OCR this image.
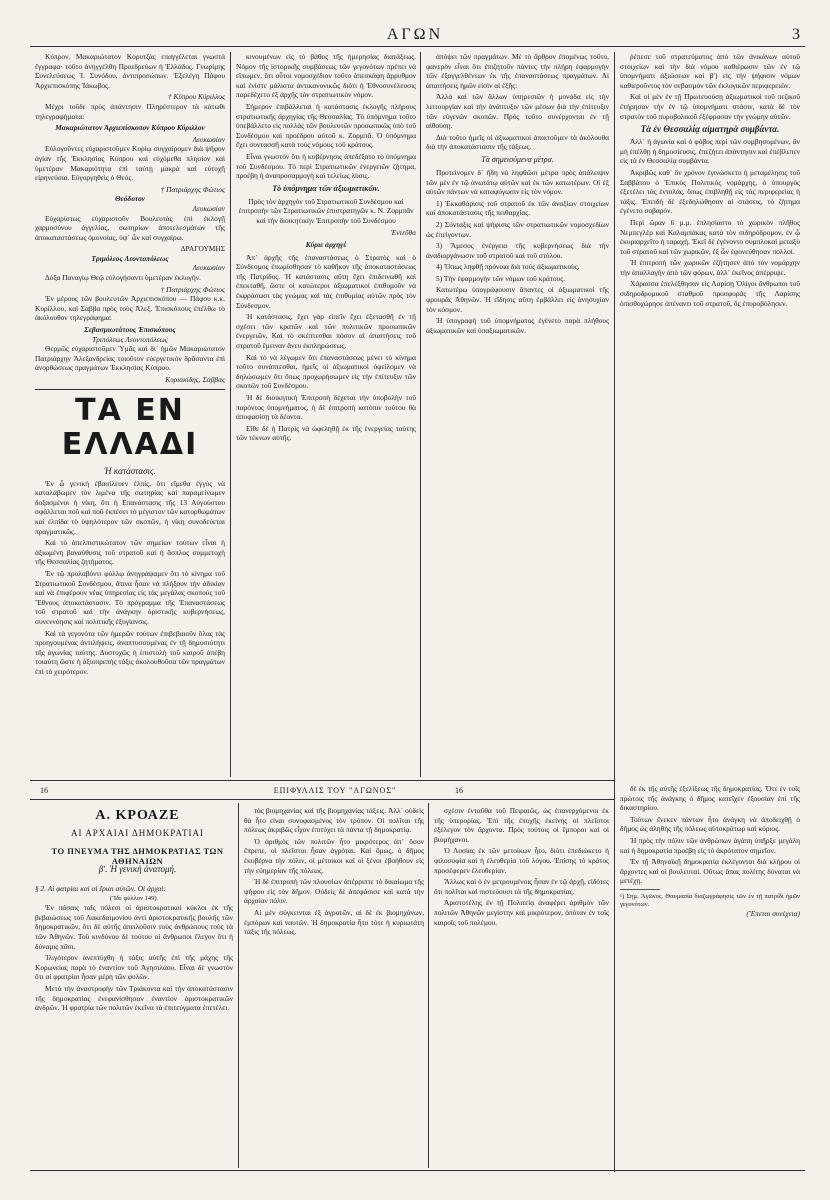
ΑΓΩΝ	3

Κύπρον. Μακαριώτατον Κορυτζάς επαγγέλεται γνωστά ἔγγραφα· τοῦτο ἀνηγγέλθη Προεδρεύων ἡ Ἑλλάδος. Γνωρίμης Συνελεύσεως Ἱ. Συνόδου, ἀντιπροσώπων. Ἐξελέγη Πάφου Ἀρχιεπισκόπης Ἰάκωβος.

† Κύπρου Κύριλλος

Μέχρι τοῦδε πρὸς ἀπάντησιν Πληρέστερον τὰ κάτωθι τηλεγραφήματα:

Μακαριώτατον Ἀρχιεπίσκοπον Κύπρου Κύριλλον
Λευκωσίαν

Εὐλογοῦντες εὐχαριστοῦμεν Κυρίῳ συγχαίρομεν διὰ ψῆφον ἀγίαν τῆς Ἐκκλησίας Κύπρου καὶ εὐχόμεθα πλησίον καὶ ὑμετέραν Μακαριότητα ἐπὶ ταύτῃ μακρὰ καὶ εὐτυχῆ εἰρηνεύσαι. Εὐγοργηθεὶς ὁ Θεός.

† Πατριάρχης Φώτιος
Θεόδοτον
Λευκωσίαν

Εὐχαρίστως εὐχαριστοῦν Βουλευτὰς ἐπὶ ἐκλογῇ χαρμοσύνου ἀγγελίας, σωτηρίων ἀποτελεσμάτων τῆς ἀποκαταστάσεως ὁμονοίας, ὑψ᾽ ὧν καὶ συγχαίρω.

ΔΡΑΓΟΥΜΗΣ
Τριμόλεος Λεοντοπόλεως
Λευκωσίαν

Δόξα Παναγίῳ Θεῷ εὐλογήσαντι ὑμετέραν ἐκλογὴν.

† Πατριάρχης Φώτιος

Ἐν μέρους τῶν βουλευτῶν Ἀρχιεπισκόπου — Πάφου κ.κ. Κυρίλλου, καὶ Σαββα πρὸς τοὺς Ἀλεξ. Ἐπισκόπους ἐπέλθω τὸ ἀκόλουθον τηλεγράφημα:

Σεβασμιωτάτους Ἐπισκόπους
Τριπόλεως Λεοντοπόλεως

Θερμῶς εὐχαριστοῦμεν Ὑμᾶς καὶ δι᾽ ἡμῶν Μακαριώτατον Πατριάρχην Ἀλεξανδρείας τοιοῦτον εὐεργετικὸν δρᾶσαντα ἐπὶ ἀνορθώσεως πραγμάτων Ἐκκλησίας Κύπρου.

Κυριακίδης, Σάββας
ΤΑ ΕΝ ΕΛΛΑΔΙ
Ἡ κατάστασις.

Ἐν ᾧ γενικὴ ἐβασίλευεν ἐλπίς, ὅτι εἴμεθα ἐγγὺς νὰ καταλάβωμεν τὸν λιμένα τῆς σωτηρίας καὶ παραμείνωμεν δοξασμένοι ἡ νίκη, ὅτι ἡ Επανάστασις τῆς 13 Αὐγούστου σφάλλεται ποῦ καὶ ποῦ ἐκπέσει τὸ μέγιστον τῶν κατορθωμάτων καὶ ἐλπίδα τὸ ὑψηλότερον τῶν σκοπῶν, ἡ νίκη συνοδεύεται πραγματικῶς.

Καὶ τὸ ἀπελπιστικώτατον τῶν σημείων τούτων εἶναι ἡ ἀξιωμένη βαναύθυσις τοῦ στρατοῦ καὶ ἡ ἄσπλος συμμετοχὴ τῆς Θεσσαλίας ζητήματος.

Ἐν τῷ προλαβόντι φύλλῳ ἀνηγράψαμεν ὅτι τὸ κίνημα τοῦ Στρατιωτικοῦ Συνδέσμου, ἄτινα ἦσαν νὰ πλήξουν τὴν ἀδικίαν καὶ νὰ ἐπιφέρουν νέας ὑπηρεσίας εἰς τὰς μεγάλας σκοπούς τοῦ Ἔθνους ἀποκατάστασιν. Τὸ πρόγραμμα τῆς Ἐπαναστάσεως τοῦ στρατοῦ καὶ τὴν ἀνάγκην ὁριστικῆς κυβερνήσεως, συνεννόησις καὶ πολιτικῆς ἐξυγίανσις.

Καὶ τὰ γεγονότα τῶν ἡμερῶν τούτων ἐπιβεβαιοῦν ὅλας τὰς προηγουμένας ἀντιλήψεις, ἀναπτυσσομένας ἐν τῇ δημοσιότητι τῆς ἀγωνίας ταύτης. Δυστυχῶς ἡ ἐπιστολὴ τοῦ καιροῦ ἀπέβη τοιαύτη ὥστε ἡ ἀξιοπρεπὴς τάξις ἀκολουθοῦσα τῶν πραγμάτων ἐπὶ τὸ χειρότερον.

κινουμένων εἰς τὸ βάθος τῆς ἡμερησίας διατάξεως. Νόμον τῆς ἱστορικῆς συμβάσεως τῶν γεγονότων πρέπει νὰ εἴπωμεν, ὅτι οὗτοι νομοσχέδιον τοῦτο ἀπεσκάφη ἄρρυθμον καὶ ἐνίστε μάλιστα ἀντικανονικῶς διότι ἡ Ἐθνοσυνέλευσις παρεδέχετο ἐξ ἀρχῆς τὸν στρατιωτικὸν νόμον.

Σήμερον ἐπιβάλλεται ἡ κατάστασις ἐκλογῆς πλήρους στρατιωτικῆς ἀρχηγίας τῆς Θεσσαλίας. Τὸ ὑπόμνημα τοῦτο ὑπεβάλλετο εἰς πολλὰς τῶν βουλευτῶν προσωπικῶς ὑπὸ τοῦ Συνδέσμου καὶ προέδρου αὐτοῦ κ. Ζορμπᾶ. Ὁ ὑπόμνημα ἔχει συντασσῆ κατὰ τοὺς νόμους τοῦ κράτους.

Εἶναι γνωστὸν ὅτι ἡ κυβέρνησις ἀπεδέξατο τὸ ὑπόμνημα τοῦ Συνδέσμου. Τὸ περὶ Στρατιωτικῶν ἐνεργειῶν ζήτημα, προέβη ἡ ἀναπροσαρμογὴ καὶ τελείως λύσις.

Τὸ ὑπόμνημα τῶν ἀξιωματικῶν.
Πρὸς τὸν ἀρχηγὸν τοῦ Στρατιωτικοῦ Συνδέσμου καὶ ἐπιτροπὴν τῶν Στρατιωτικῶν ἐπιστρατηγῶν κ. Ν. Ζορμπᾶν καὶ τὴν διοικητικὴν Ἐπιτροπὴν τοῦ Συνδέσμου
Ἐντεῦθα
Κύριε ἀρχηγέ

Ἀπ᾽ ἀρχῆς τῆς ἐπαναστάσεως ὁ Στρατὸς καὶ ὁ Σύνδεσμος ἐπωμίσθησαν τὸ καθῆκον τῆς ἀποκαταστάσεως τῆς Πατρίδος. Ἡ κατάστασις αὕτη ἔχει ἐπιδεινωθῆ καὶ ἐπεκταθῆ, ὥστε οἱ κατώτεροι ἀξιωματικοὶ ἐπιθυμοῦν νὰ ἐκφράσωσι τὰς γνώμας καὶ τὰς ἐπιθυμίας αὐτῶν πρὸς τὸν Σύνδεσμον.

Ἡ κατάστασις, ἔχει γὰρ εἰπεῖν ἔχει ἐξετασθῆ ἐν τῇ σχέσει τῶν κρατῶν καὶ τῶν πολιτικῶν προσωπικῶν ἐνεργειῶν. Καὶ τὸ σκέπτεσθαι πόσον αἱ ἀπαιτήσεις τοῦ στρατοῦ ἔμειναν ἄνευ ἐκπληρώσεως.

Καὶ τὸ νὰ λέγωμεν ὅτι ἐπαναστάσεως μένει τὸ κίνημα τοῦτο συνάπτεσθαι, ἡμεῖς οἱ ἀξιωματικοὶ ὀφείλομεν νὰ δηλώσωμεν ὅτι ὅπως προχωρήσωμεν εἰς τὴν ἐπίτευξιν τῶν σκοπῶν τοῦ Συνδέσμου.

Ἡ δὲ διοικητικὴ Ἐπιτροπὴ δέχεται τὴν ὑποβολὴν τοῦ παρόντος ὑπομνήματος, ἡ δὲ ἐπιτροπὴ κατόπιν τούτου θὰ ἀποφασίσῃ τὰ δέοντα.

Εἴθε δὲ ἡ Πατρὶς νὰ ὠφεληθῇ ἐκ τῆς ἐνεργείας ταύτης τῶν τέκνων αὐτῆς.

ἀπόψει τῶν πραγμάτων. Μὲ τὸ ἄρθρον ἐπομένως τοῦτο, φανερὸν εἶναι ὅτι ἐπιζητοῦν πάντες τὴν πλήρη ἐφαρμογὴν τῶν ἐξαγγελθέντων ἐκ τῆς ἐπαναστάσεως πραγμάτων. Αἱ ἀπαιτήσεις ἡμῶν εἰσὶν αἱ ἑξῆς:

Ἀλλὰ καὶ τῶν ἄλλων ὑπηρεσιῶν ἡ μονάδα εἰς τὴν λειτουργίαν καὶ τὴν ἀνάπτυξιν τῶν μέσων διὰ τὴν ἐπίτευξιν τῶν εὐγενῶν σκοπῶν. Πρὸς τοῦτο συνέρχονται ἐν τῇ αἰθούσῃ.

Διὰ τοῦτο ἡμεῖς οἱ ἀξιωματικοὶ ἀπαιτοῦμεν τὰ ἀκόλουθα διὰ τὴν ἀποκατάστασιν τῆς τάξεως.

Τὰ σημειούμενα μέτρα.

Προτείνομεν δ᾽ ἤδη νὰ ληφθῶσι μέτρα πρὸς ἀπάλειψιν τῶν μὲν ἐν τῷ ἀνωτάτῳ αὐτῶν καὶ ἐκ τῶν κατωτέρων. Οἱ ἐξ αὐτῶν πάντων νὰ καταφύγωσιν εἰς τὸν νόμον.

1) Ἐκκαθάρισις τοῦ στρατοῦ ἐκ τῶν ἀναξίων στοιχείων καὶ ἀποκατάστασις τῆς πειθαρχίας.

2) Σύνταξις καὶ ψήφισις τῶν στρατιωτικῶν νομοσχεδίων ὡς ἐπείγοντων.

3) Ἄμεσος ἐνέργεια τῆς κυβερνήσεως διὰ τὴν ἀναδιοργάνωσιν τοῦ στρατοῦ καὶ τοῦ στόλου.

4) Ὅπως ληφθῇ πρόνοια διὰ τοὺς ἀξιωματικοὺς.

5) Τὴν ἐφαρμογὴν τῶν νόμων τοῦ κράτους.

Κατωτέρω ὑπογράφουσιν ἅπαντες οἱ ἀξιωματικοὶ τῆς φρουρᾶς Ἀθηνῶν. Ἡ εἴδησις αὕτη ἐμβάλλει εἰς ἀνησυχίαν τὸν κόσμον.

Ἡ ὑπογραφὴ τοῦ ὑπομνήματος ἐγένετο παρὰ πλήθους ἀξιωματικῶν καὶ ὑπαξιωματικῶν.

ῥέπεσε τοῦ στρατεύματος ἀπὸ τῶν ἀνικάνων αὐτοῦ στοιχείων καὶ τὴν διὰ νόμου καθιέρωσιν τῶν ἐν τῷ ὑπομνήματι ἀξιώσεων καὶ βʹ) εἰς τὴν ψήφισιν νόμων καθιεροῦντος τὸν σεβασμὸν τῶν ἐκλογικῶν περιφερειῶν.

Καὶ οἱ μὲν ἐν τῇ Πρωτευούσῃ ἀξιωματικοὶ τοῦ πεζικοῦ ἐτήρησαν τὴν ἐν τῷ ὑπομνήματι στάσιν, κατὰ δὲ τὸν στρατὸν τοῦ πυροβολικοῦ ἐξέφρασαν τὴν γνώμην αὐτῶν.

Τὰ ἐν Θεσσαλίᾳ αἱματηρὰ συμβάντα.

Ἀλλ᾽ ἡ ἀγωνία καὶ ὁ φόβος περὶ τῶν συμβησομένων, ἂν μὴ ἐπέλθῃ ἡ δημοσίευσις, ἐπεζήτει ἀπάντησιν καὶ ἐπέβλεπεν εἰς τὰ ἐν Θεσσαλίᾳ συμβάντα.

Ἀκριβῶς καθ᾽ ὃν χρόνον ἐγινώσκετο ἡ μεταμέλησις τοῦ Σαββάτου ὁ Ἐπικὸς Πολιτικὸς νομάρχης, ὁ ὑπουργὸς ἐξετέλει τὰς ἐντολάς, ὅπως ἐπιβληθῇ εἰς τὰς περιφερείας ἡ τάξις. Ἐπειδὴ δὲ ἐξεδηλώθησαν αἱ στάσεις, τὸ ζήτημα ἐγένετο σοβαρόν.

Περὶ ὥραν 6 μ.μ. ἐπλησίαστο τὸ χωρικὸν πλῆθος Νεμπεγλὲρ καὶ Καλαμπάκας κατὰ τὸν σιδηρόδρομον, ἐν ᾧ ἐκυριαρχεῖτο ἡ ταραχή. Ἐκεῖ δὲ ἐγένοντο συμπλοκαὶ μεταξὺ τοῦ στρατοῦ καὶ τῶν χωρικῶν, ἐξ ὧν ἐφονεύθησαν πολλοί.

Ἡ ἐπιτροπὴ τῶν χωρικῶν ἐζήτησεν ἀπὸ τὸν νομάρχην τὴν ἀπαλλαγὴν ἀπὸ τῶν φόρων, ἀλλ᾽ ἐκεῖνος ἀπέρριψε.

Χάρασσα ἐπελέξθησαν εἰς Λαρίσῃ Ὀλίγοι ἄνθρωποι τοῦ σιδηροδρομικοῦ σταθμοῦ προσφοράς τῆς Λαρίσης ὀπισθοχώρησε ἀπέναντι τοῦ στρατοῦ, ὃς ἐπυροβόλησεν.

16	ΕΠΙΦΥΛΛΙΣ ΤΟΥ "ΑΓΩΝΟΣ"	16
Α. ΚΡΟΑΖΕ
ΑΙ ΑΡΧΑΙΑΙ ΔΗΜΟΚΡΑΤΙΑΙ
ΤΟ ΠΝΕΥΜΑ ΤΗΣ ΔΗΜΟΚΡΑΤΙΑΣ ΤΩΝ ΑΘΗΝΑΙΩΝ
βʹ. Ἡ γενικὴ ἀνατομή.
§ 2. Αἱ φατρίαι καὶ αἱ ἔριαι αὐτῶν. Οἱ ἀρχαὶ:
(Ἴδε φύλλον 149).

Ἐν πάσαις ταῖς πόλεσι οἱ ἀριστοκρατικοὶ κύκλοι ἐκ τῆς βεβαιώσεως τοῦ Λακεδαιμονίου ἀντὶ ἀριστοκρατικῆς βουλῆς τῶν δημοκρατικῶν, ὅτι δὲ αὐτῆς ἀπειλοῦσιν τοὺς ἀνθρώπους τοὺς τὰ τῶν Ἀθηνῶν. Τοῦ κινδύνου δὲ τούτου οἱ ἄνθρωποι ἔλεγον ὅτι ἡ δύναμις πᾶσι.

Ἰλιγότερον ἀνεπτύχθη ἡ τάξις αὐτῆς ἐπὶ τῆς μάχης τῆς Κορωνείας παρὰ τὸ ἐναντίον τοῦ Ἀγησιλάου. Εἶναι δὲ γνωστὸν ὅτι αἱ φρατρίαι ἦσαν μέρη τῶν φυλῶν.

Μετὰ τὴν ἀναστροφὴν τῶν Τριάκοντα καὶ τὴν ἀποκατάστασιν τῆς δημοκρατίας ἐνεφανίσθησαν ἐναντίον ἀριστοκρατικῶν ἀνδρῶν. Ἡ φρατρία τῶν πολιτῶν ἐκεῖνα τὰ ἐπιτεύγματα ἐπετέλει.

τὰς βιομηχανίας καὶ τῆς βιομηχανίας τάξεις. Ἀλλ᾽ οὐδεὶς θὰ ἦτο εἰναι συνυφασμένος τὸν τρόπον. Οἱ πολῖται τῆς πόλεως ἀκριβῶς εἶχον ἐπιτύχει τὰ πάντα τῇ δημοκρατίᾳ.

Ὁ ἀριθμὸς τῶν πολιτῶν ἦτο μικρότερος ἀπ᾽ ὅσον ἔπρεπε, οἱ πλεῖστοι ἦσαν ἀγρόται. Καὶ ὅμως, ὁ δῆμος ἐκυβέρνα τὴν πόλιν, οἱ μέτοικοι καὶ οἱ ξένοι ἐβοήθουν εἰς τὴν εὐημερίαν τῆς πόλεως.

Ἡ δὲ ἐπιτροπὴ τῶν πλουσίων ἀπέρριπτε τὸ δικαίωμα τῆς ψήφου εἰς τὸν δῆμον. Οὐδεὶς δὲ ἀπεφάσισε καὶ κατὰ τὴν ἀρχαίαν πόλιν.

Αἱ μὲν σύγκεινται ἐξ ἀγροτῶν, αἱ δὲ ἐκ βιομηχάνων, ἐμπόρων καὶ ναυτῶν. Ἡ δημοκρατία ἦτο τότε ἡ κυριωτάτη τάξις τῆς πόλεως.

σχέσιν ἐνταῦθα τοῦ Πειραιῶς, ὡς ἐπανερχόμενοι ἐκ τῆς ὑπερορίας. Ἐπὶ τῆς ἐποχῆς ἐκείνης οἱ πλεῖστοι ἐξέλεγον τὸν ἄρχοντα. Πρὸς τούτοις οἱ ἔμποροι καὶ οἱ βιομήχανοι.

Ὁ Λυσίας ἐκ τῶν μετοίκων ἦτο, διότι ἐπεδιώκετο ἡ φιλοσοφία καὶ ἡ ἐλευθερία τοῦ λόγου. Ἐπίσης τὸ κράτος προσέφερεν ἐλευθερίαν.

Ἄλλως καὶ ὁ ἐν μετρουμένοις ἦσαν ἐν τῷ ἀρχῇ, εἰδότες ὅτι πολῖται καὶ πιστεύουσι τὰ τῆς δημοκρατίας.

Ἀριστοτέλης ἐν τῇ Πολιτείᾳ ἀναφέρει ἀριθμὸν τῶν πολιτῶν Ἀθηνῶν μεγίστην καὶ μικρότερον, ὁπόταν ἐν τοῖς καιροῖς τοῦ πολέμου.

δὲ ἐκ τῆς αὐτῆς ἐξελίξεως τῆς δημοκρατίας. Ὅτε ἐν τοῖς πρώτοις τῆς ἀνάγκης ὁ δῆμος κατεῖχεν ἐξουσίαν ἐπὶ τῆς δικαστηρίου.

Τούτων ἕνεκεν πάντων ἦτο ἀνάγκη νὰ ἀποδειχθῇ ὁ δῆμος ὡς ἀληθὴς τῆς πόλεως αὐτοκράτωρ καὶ κύριος.

Ἡ πρὸς τὴν πόλιν τῶν ἀνθρώπων ἀγάπη ὑπῆρξε μεγάλη καὶ ἡ δημοκρατία προέβη εἰς τὸ ἀκρότατον σημεῖον.

Ἐν τῇ Ἀθηναϊκῇ δημοκρατίᾳ ἐκλέγονται διὰ κλήρου οἱ ἄρχοντες καὶ οἱ βουλευταί. Οὕτως ἅπας πολίτης δύναται νὰ μετέχῃ.

¹) Σημ. Ἀγῶνος. Θαυμασία διαζωγράφησις τῶν ἐν τῇ πατρίδι ἡμῶν γεγονότων.
(Ἕπεται συνέχεια)
